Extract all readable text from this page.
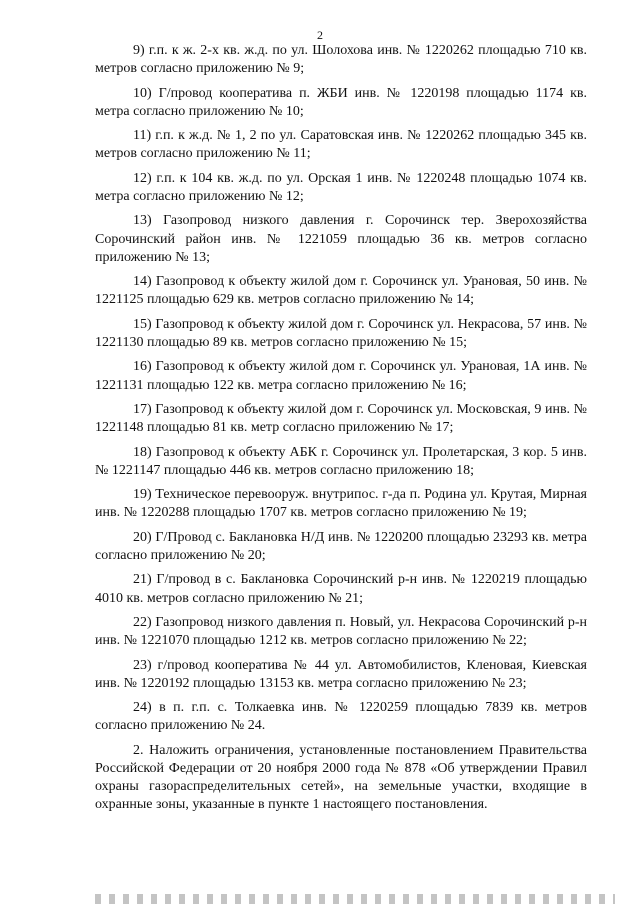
2

9) г.п. к ж. 2-х кв. ж.д. по ул. Шолохова инв. № 1220262 площадью 710 кв. метров согласно приложению № 9;

10) Г/провод кооператива п. ЖБИ инв. № 1220198 площадью 1174 кв. метра согласно приложению № 10;

11) г.п. к ж.д. № 1, 2 по ул. Саратовская инв. № 1220262 площадью 345 кв. метров согласно приложению № 11;

12) г.п. к 104 кв. ж.д. по ул. Орская 1 инв. № 1220248 площадью 1074 кв. метра согласно приложению № 12;

13) Газопровод низкого давления г. Сорочинск тер. Зверохозяйства Сорочинский район инв. № 1221059 площадью 36 кв. метров согласно приложению № 13;

14) Газопровод к объекту жилой дом г. Сорочинск ул. Урановая, 50 инв. № 1221125 площадью 629 кв. метров согласно приложению № 14;

15) Газопровод к объекту жилой дом г. Сорочинск ул. Некрасова, 57 инв. № 1221130 площадью 89 кв. метров согласно приложению № 15;

16) Газопровод к объекту жилой дом г. Сорочинск ул. Урановая, 1А инв. № 1221131 площадью 122 кв. метра согласно приложению № 16;

17) Газопровод к объекту жилой дом г. Сорочинск ул. Московская, 9 инв. № 1221148 площадью 81 кв. метр согласно приложению № 17;

18) Газопровод к объекту АБК г. Сорочинск ул. Пролетарская, 3 кор. 5 инв. № 1221147 площадью 446 кв. метров согласно приложению 18;

19) Техническое перевооруж. внутрипос. г-да п. Родина ул. Крутая, Мирная инв. № 1220288 площадью 1707 кв. метров согласно приложению № 19;

20) Г/Провод с. Баклановка Н/Д инв. № 1220200 площадью 23293 кв. метра согласно приложению № 20;

21) Г/провод в с. Баклановка Сорочинский р-н инв. № 1220219 площадью 4010 кв. метров согласно приложению № 21;

22) Газопровод низкого давления п. Новый, ул. Некрасова Сорочинский р-н инв. № 1221070 площадью 1212 кв. метров согласно приложению № 22;

23) г/провод кооператива № 44 ул. Автомобилистов, Кленовая, Киевская инв. № 1220192 площадью 13153 кв. метра согласно приложению № 23;

24) в п. г.п. с. Толкаевка инв. № 1220259 площадью 7839 кв. метров согласно приложению № 24.

2. Наложить ограничения, установленные постановлением Правительства Российской Федерации от 20 ноября 2000 года № 878 «Об утверждении Правил охраны газораспределительных сетей», на земельные участки, входящие в охранные зоны, указанные в пункте 1 настоящего постановления.
